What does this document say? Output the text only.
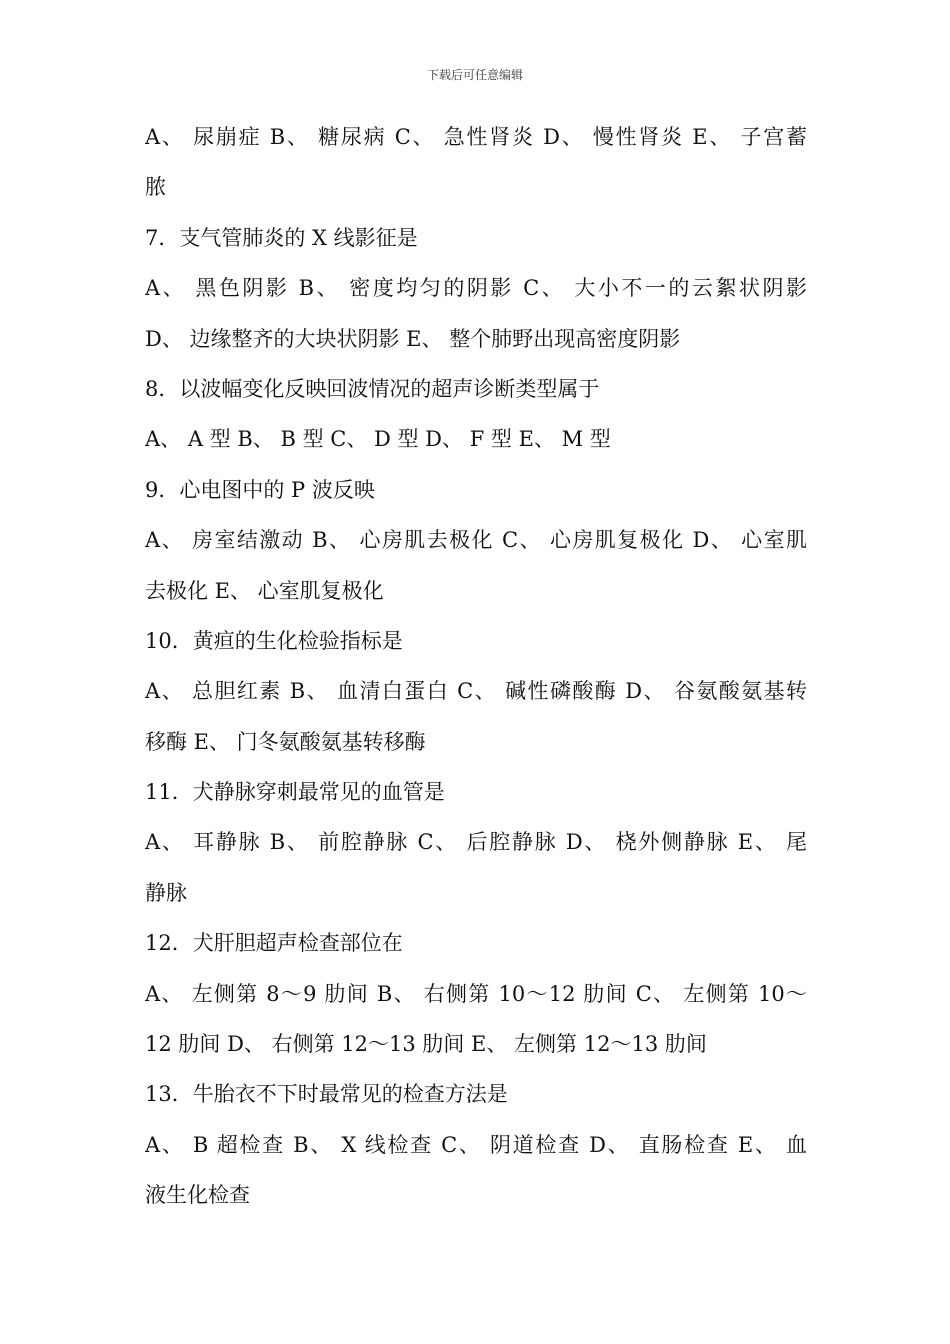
下载后可任意编辑
A、 尿崩症 B、 糖尿病 C、 急性肾炎 D、 慢性肾炎 E、 子宫蓄
脓
7．支气管肺炎的 X 线影征是
A、 黑色阴影 B、 密度均匀的阴影 C、 大小不一的云絮状阴影
D、 边缘整齐的大块状阴影 E、 整个肺野出现高密度阴影
8．以波幅变化反映回波情况的超声诊断类型属于
A、 A 型 B、 B 型 C、 D 型 D、 F 型 E、 M 型
9．心电图中的 P 波反映
A、 房室结激动 B、 心房肌去极化 C、 心房肌复极化 D、 心室肌
去极化 E、 心室肌复极化
10．黄疸的生化检验指标是
A、 总胆红素 B、 血清白蛋白 C、 碱性磷酸酶 D、 谷氨酸氨基转
移酶 E、 门冬氨酸氨基转移酶
11．犬静脉穿刺最常见的血管是
A、 耳静脉 B、 前腔静脉 C、 后腔静脉 D、 桡外侧静脉 E、 尾
静脉
12．犬肝胆超声检查部位在
A、 左侧第 8～9 肋间 B、 右侧第 10～12 肋间 C、 左侧第 10～
12 肋间 D、 右侧第 12～13 肋间 E、 左侧第 12～13 肋间
13．牛胎衣不下时最常见的检查方法是
A、 B 超检查 B、 X 线检查 C、 阴道检查 D、 直肠检查 E、 血
液生化检查
